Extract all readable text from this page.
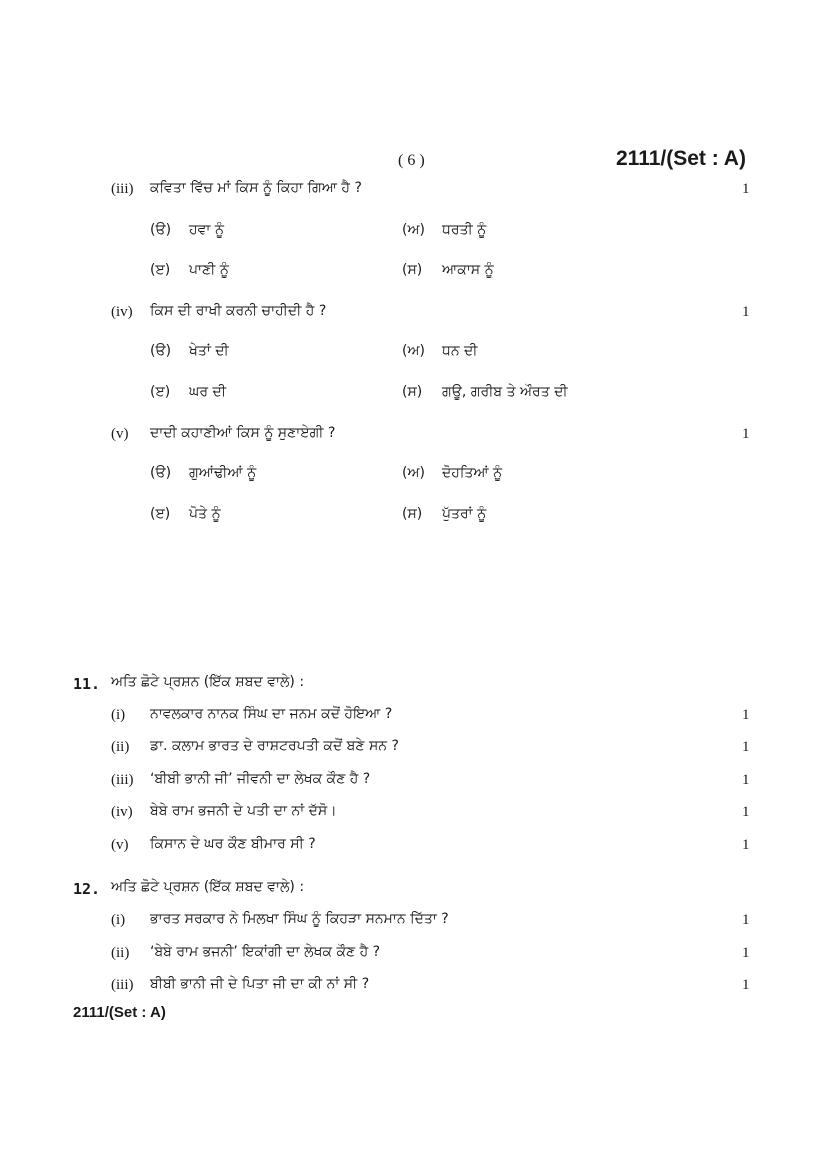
( 6 )	2111/(Set : A)
(iii) ਕਵਿਤਾ ਵਿੱਚ ਮਾਂ ਕਿਸ ਨੂੰ ਕਿਹਾ ਗਿਆ ਹੈ ?	1
(ੳ) ਹਵਾ ਨੂੰ	(ਅ) ਧਰਤੀ ਨੂੰ
(ੲ) ਪਾਣੀ ਨੂੰ	(ਸ) ਆਕਾਸ ਨੂੰ
(iv) ਕਿਸ ਦੀ ਰਾਖੀ ਕਰਨੀ ਚਾਹੀਦੀ ਹੈ ?	1
(ੳ) ਖੇਤਾਂ ਦੀ	(ਅ) ਧਨ ਦੀ
(ੲ) ਘਰ ਦੀ	(ਸ) ਗਊ, ਗਰੀਬ ਤੇ ਔਰਤ ਦੀ
(v) ਦਾਦੀ ਕਹਾਣੀਆਂ ਕਿਸ ਨੂੰ ਸੁਣਾਏਗੀ ?	1
(ੳ) ਗੁਆਂਢੀਆਂ ਨੂੰ	(ਅ) ਦੋਹਤਿਆਂ ਨੂੰ
(ੲ) ਪੋਤੇ ਨੂੰ	(ਸ) ਪੁੱਤਰਾਂ ਨੂੰ
11. ਅਤਿ ਛੋਟੇ ਪ੍ਰਸ਼ਨ (ਇੱਕ ਸ਼ਬਦ ਵਾਲੇ) :
(i) ਨਾਵਲਕਾਰ ਨਾਨਕ ਸਿੰਘ ਦਾ ਜਨਮ ਕਦੋਂ ਹੋਇਆ ?	1
(ii) ਡਾ. ਕਲਾਮ ਭਾਰਤ ਦੇ ਰਾਸ਼ਟਰਪਤੀ ਕਦੋਂ ਬਣੇ ਸਨ ?	1
(iii) ‘ਬੀਬੀ ਭਾਨੀ ਜੀ’ ਜੀਵਨੀ ਦਾ ਲੇਖਕ ਕੌਣ ਹੈ ?	1
(iv) ਬੇਬੇ ਰਾਮ ਭਜਨੀ ਦੇ ਪਤੀ ਦਾ ਨਾਂ ਦੱਸੋ।	1
(v) ਕਿਸਾਨ ਦੇ ਘਰ ਕੌਣ ਬੀਮਾਰ ਸੀ ?	1
12. ਅਤਿ ਛੋਟੇ ਪ੍ਰਸ਼ਨ (ਇੱਕ ਸ਼ਬਦ ਵਾਲੇ) :
(i) ਭਾਰਤ ਸਰਕਾਰ ਨੇ ਮਿਲਖਾ ਸਿੰਘ ਨੂੰ ਕਿਹੜਾ ਸਨਮਾਨ ਦਿੱਤਾ ?	1
(ii) ‘ਬੇਬੇ ਰਾਮ ਭਜਨੀ’ ਇਕਾਂਗੀ ਦਾ ਲੇਖਕ ਕੌਣ ਹੈ ?	1
(iii) ਬੀਬੀ ਭਾਨੀ ਜੀ ਦੇ ਪਿਤਾ ਜੀ ਦਾ ਕੀ ਨਾਂ ਸੀ ?	1
2111/(Set : A)
